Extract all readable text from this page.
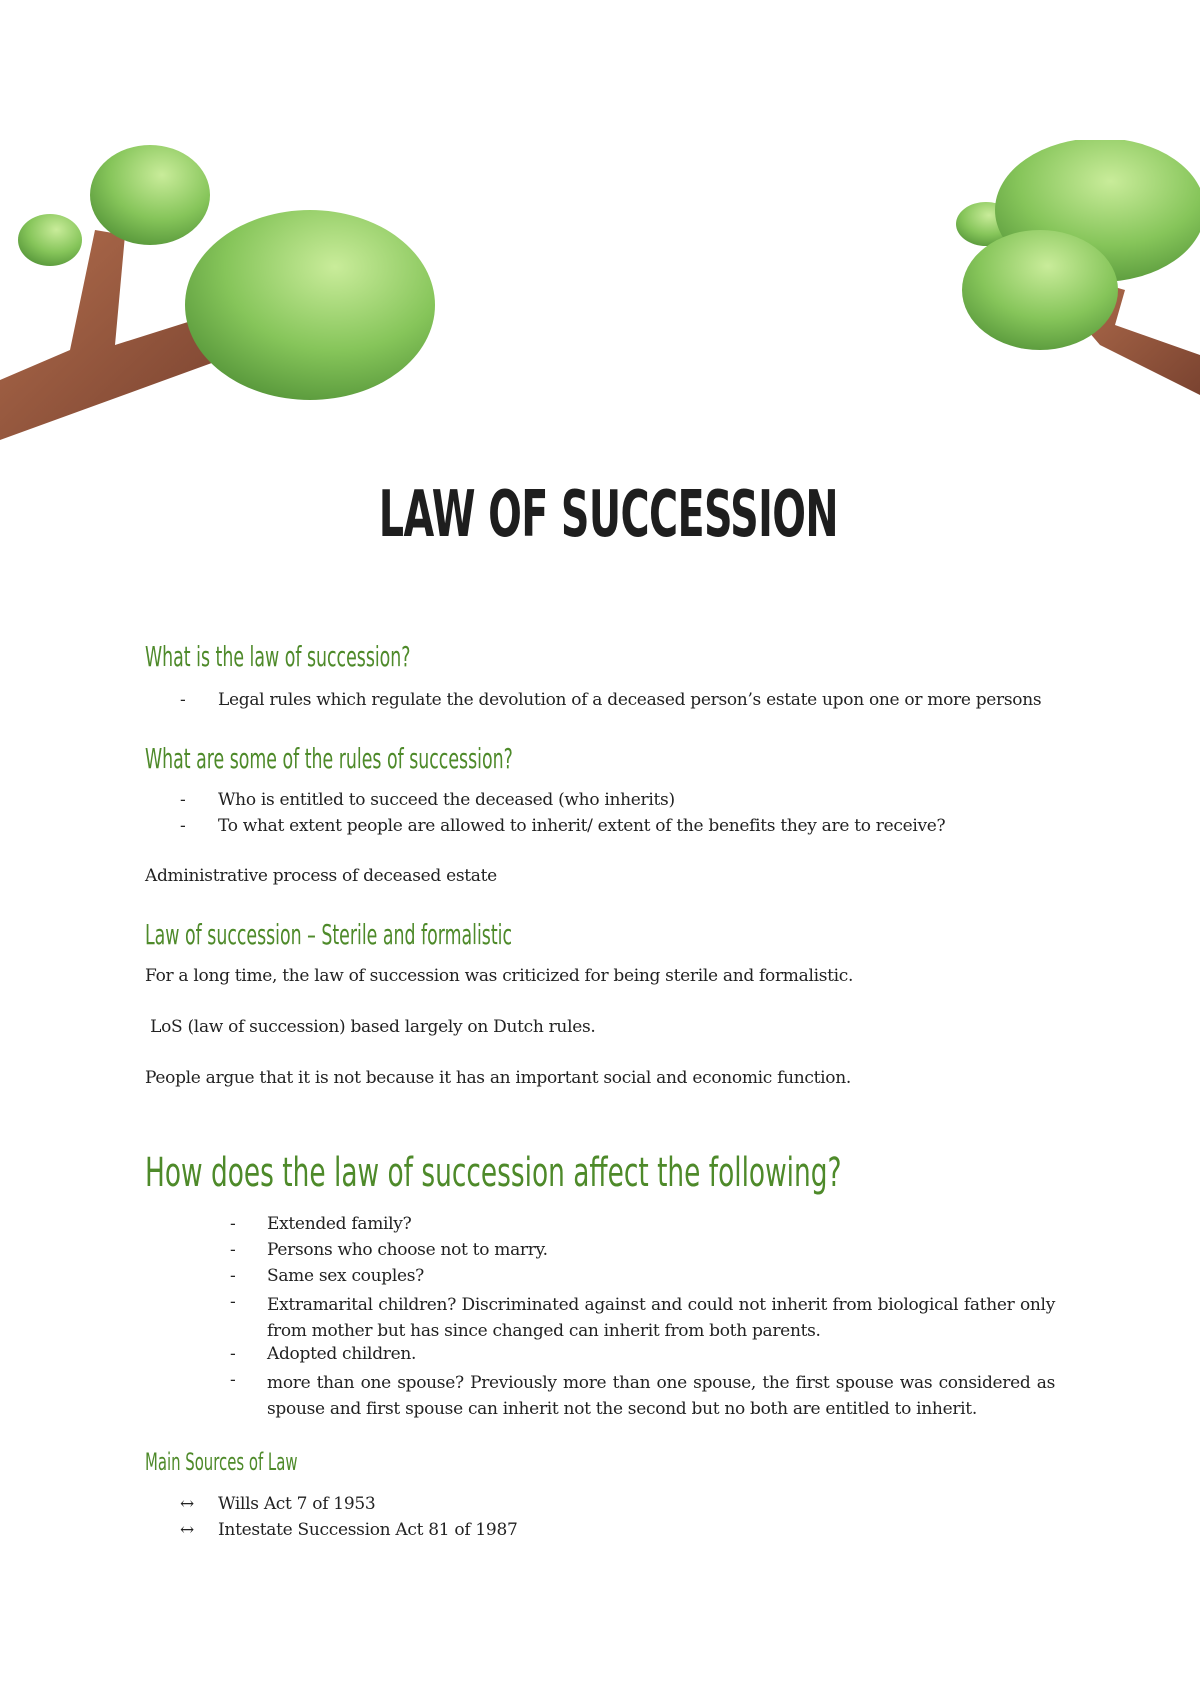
LAW OF SUCCESSION
What is the law of succession?
- Legal rules which regulate the devolution of a deceased person’s estate upon one or more persons
What are some of the rules of succession?
- Who is entitled to succeed the deceased (who inherits)
- To what extent people are allowed to inherit/ extent of the benefits they are to receive?
Administrative process of deceased estate
Law of succession – Sterile and formalistic
For a long time, the law of succession was criticized for being sterile and formalistic.
LoS (law of succession) based largely on Dutch rules.
People argue that it is not because it has an important social and economic function.
How does the law of succession affect the following?
- Extended family?
- Persons who choose not to marry.
- Same sex couples?
- Extramarital children? Discriminated against and could not inherit from biological father only from mother but has since changed can inherit from both parents.
- Adopted children.
- more than one spouse? Previously more than one spouse, the first spouse was considered as spouse and first spouse can inherit not the second but no both are entitled to inherit.
Main Sources of Law
↔ Wills Act 7 of 1953
↔ Intestate Succession Act 81 of 1987
